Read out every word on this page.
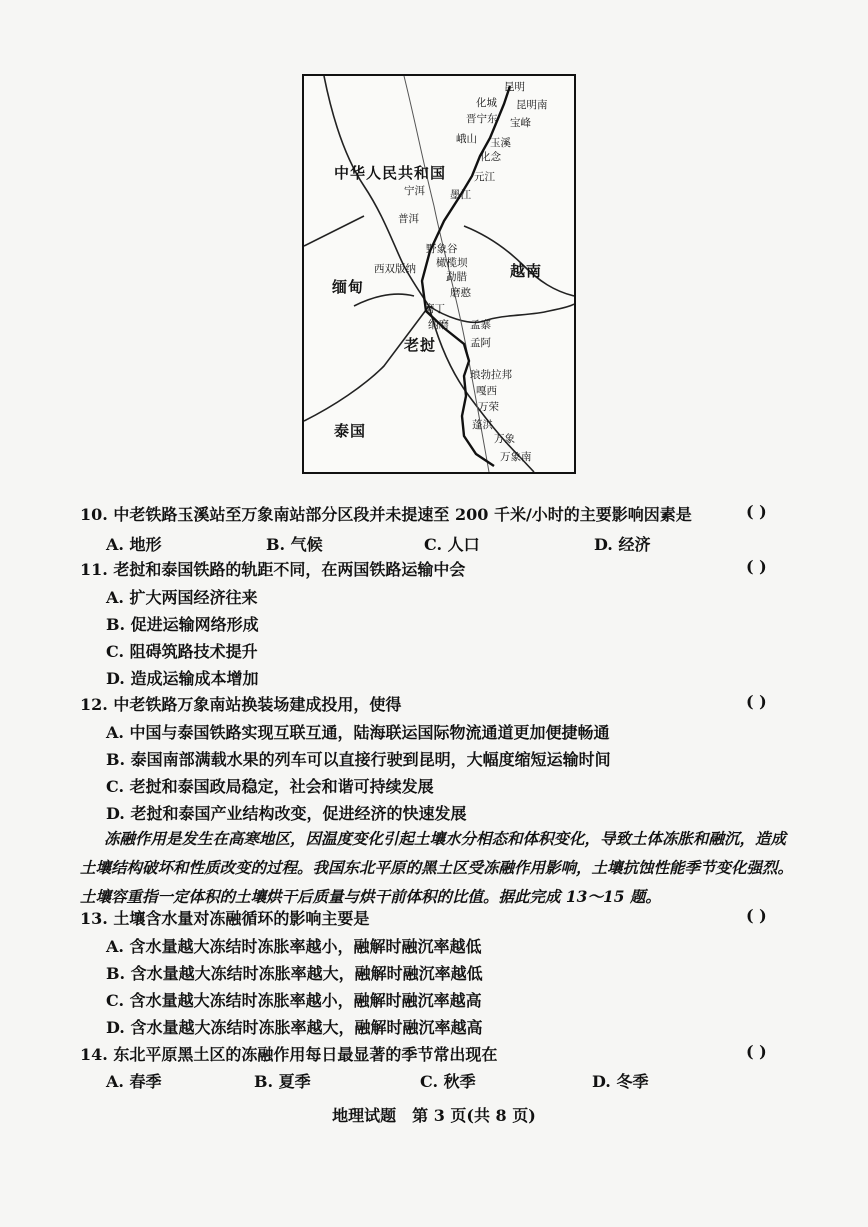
中华人民共和国
缅甸
老挝
越南
泰国
昆明
化城 昆明南
晋宁东 宝峰
峨山 玉溪
化念
元江
宁洱 墨江
普洱
野象谷
橄榄坝
西双版纳
勐腊
磨憨
磨丁
纳磨 孟寨
孟阿
琅勃拉邦
嘎西
万荣
蓬洪
万象
万象南
10. 中老铁路玉溪站至万象南站部分区段并未提速至 200 千米/小时的主要影响因素是	( )
A. 地形	B. 气候	C. 人口	D. 经济
11. 老挝和泰国铁路的轨距不同，在两国铁路运输中会	( )
A. 扩大两国经济往来
B. 促进运输网络形成
C. 阻碍筑路技术提升
D. 造成运输成本增加
12. 中老铁路万象南站换装场建成投用，使得	( )
A. 中国与泰国铁路实现互联互通，陆海联运国际物流通道更加便捷畅通
B. 泰国南部满载水果的列车可以直接行驶到昆明，大幅度缩短运输时间
C. 老挝和泰国政局稳定，社会和谐可持续发展
D. 老挝和泰国产业结构改变，促进经济的快速发展
冻融作用是发生在高寒地区，因温度变化引起土壤水分相态和体积变化，导致土体冻胀和融沉，造成土壤结构破坏和性质改变的过程。我国东北平原的黑土区受冻融作用影响，土壤抗蚀性能季节变化强烈。土壤容重指一定体积的土壤烘干后质量与烘干前体积的比值。据此完成 13～15 题。
13. 土壤含水量对冻融循环的影响主要是	( )
A. 含水量越大冻结时冻胀率越小，融解时融沉率越低
B. 含水量越大冻结时冻胀率越大，融解时融沉率越低
C. 含水量越大冻结时冻胀率越小，融解时融沉率越高
D. 含水量越大冻结时冻胀率越大，融解时融沉率越高
14. 东北平原黑土区的冻融作用每日最显著的季节常出现在	( )
A. 春季	B. 夏季	C. 秋季	D. 冬季
地理试题　第 3 页(共 8 页)
